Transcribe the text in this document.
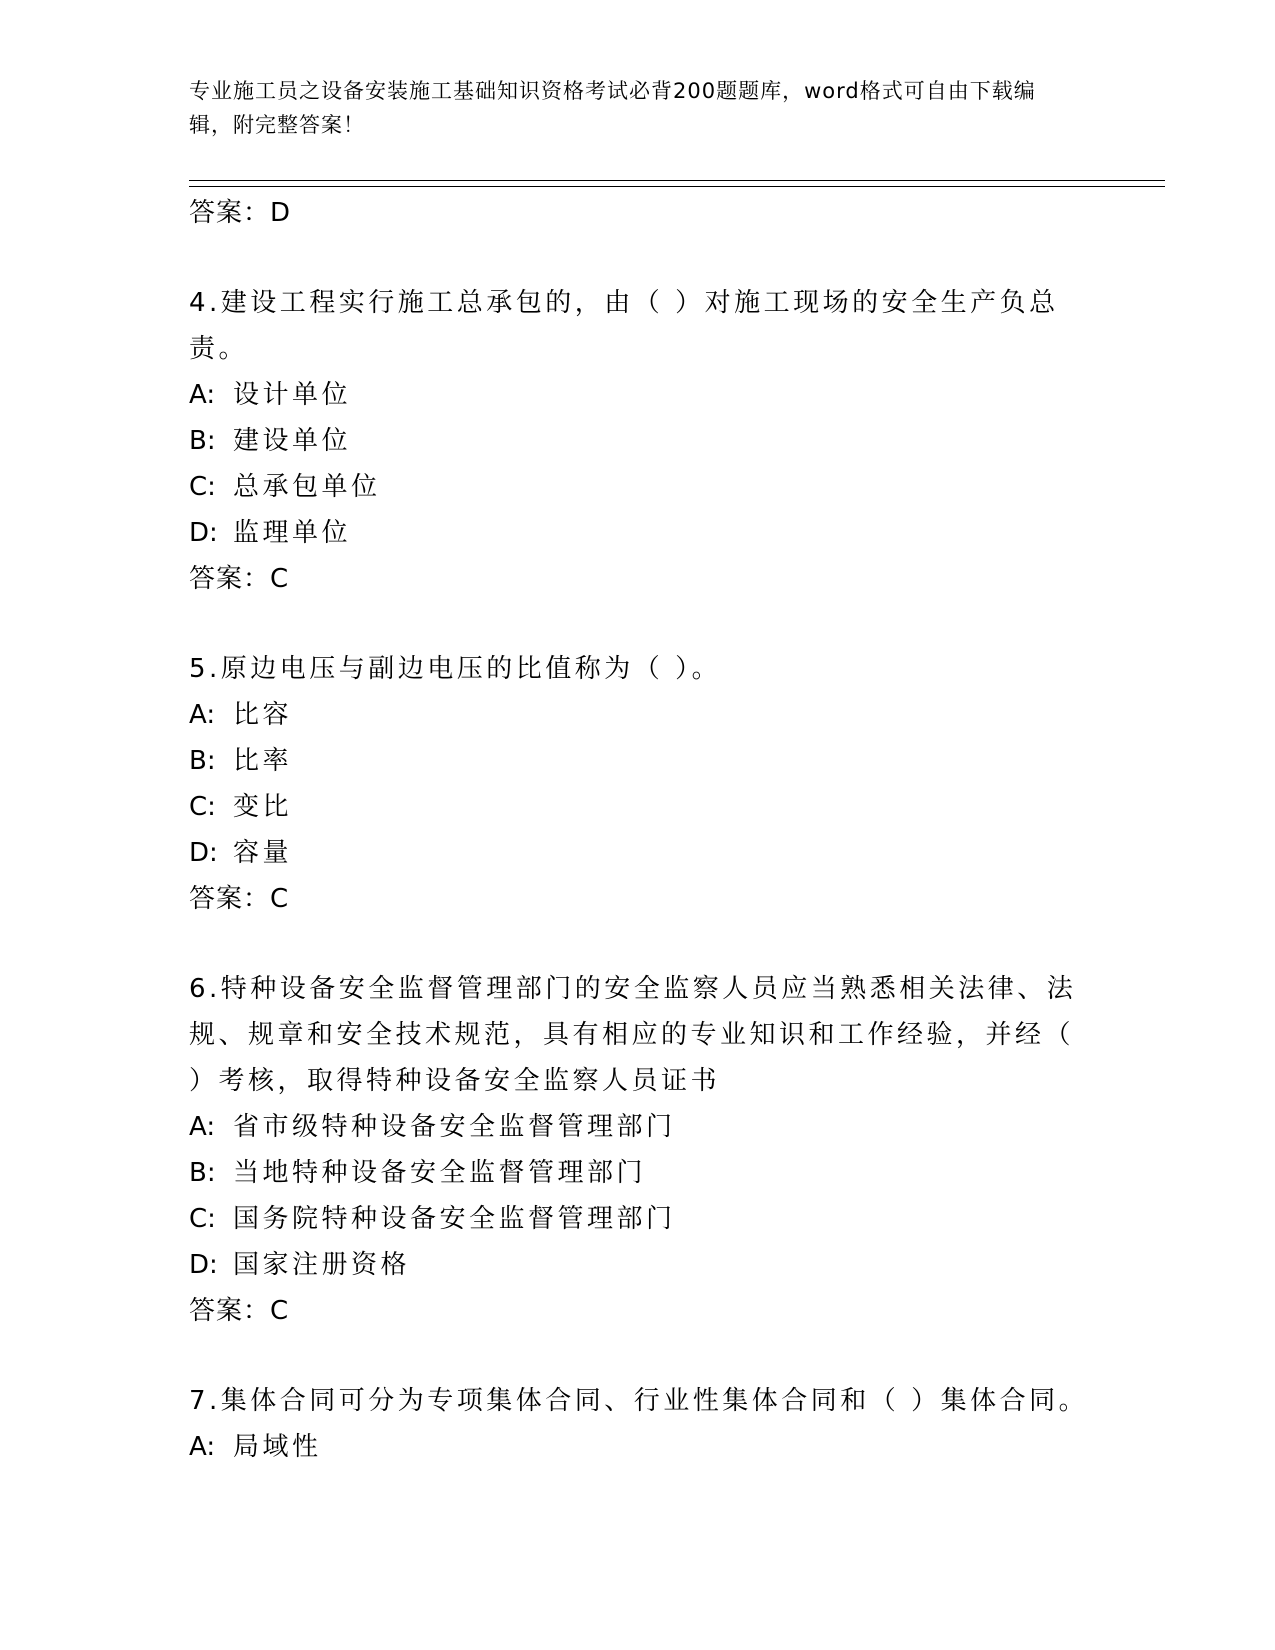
专业施工员之设备安装施工基础知识资格考试必背200题题库，word格式可自由下载编辑，附完整答案！
答案：D

4.建设工程实行施工总承包的，由（ ）对施工现场的安全生产负总责。

A: 设计单位
B: 建设单位
C: 总承包单位
D: 监理单位
答案：C

5.原边电压与副边电压的比值称为（ ）。

A: 比容
B: 比率
C: 变比
D: 容量
答案：C

6.特种设备安全监督管理部门的安全监察人员应当熟悉相关法律、法规、规章和安全技术规范，具有相应的专业知识和工作经验，并经（ ）考核，取得特种设备安全监察人员证书

A: 省市级特种设备安全监督管理部门
B: 当地特种设备安全监督管理部门
C: 国务院特种设备安全监督管理部门
D: 国家注册资格
答案：C

7.集体合同可分为专项集体合同、行业性集体合同和（ ）集体合同。

A: 局域性
